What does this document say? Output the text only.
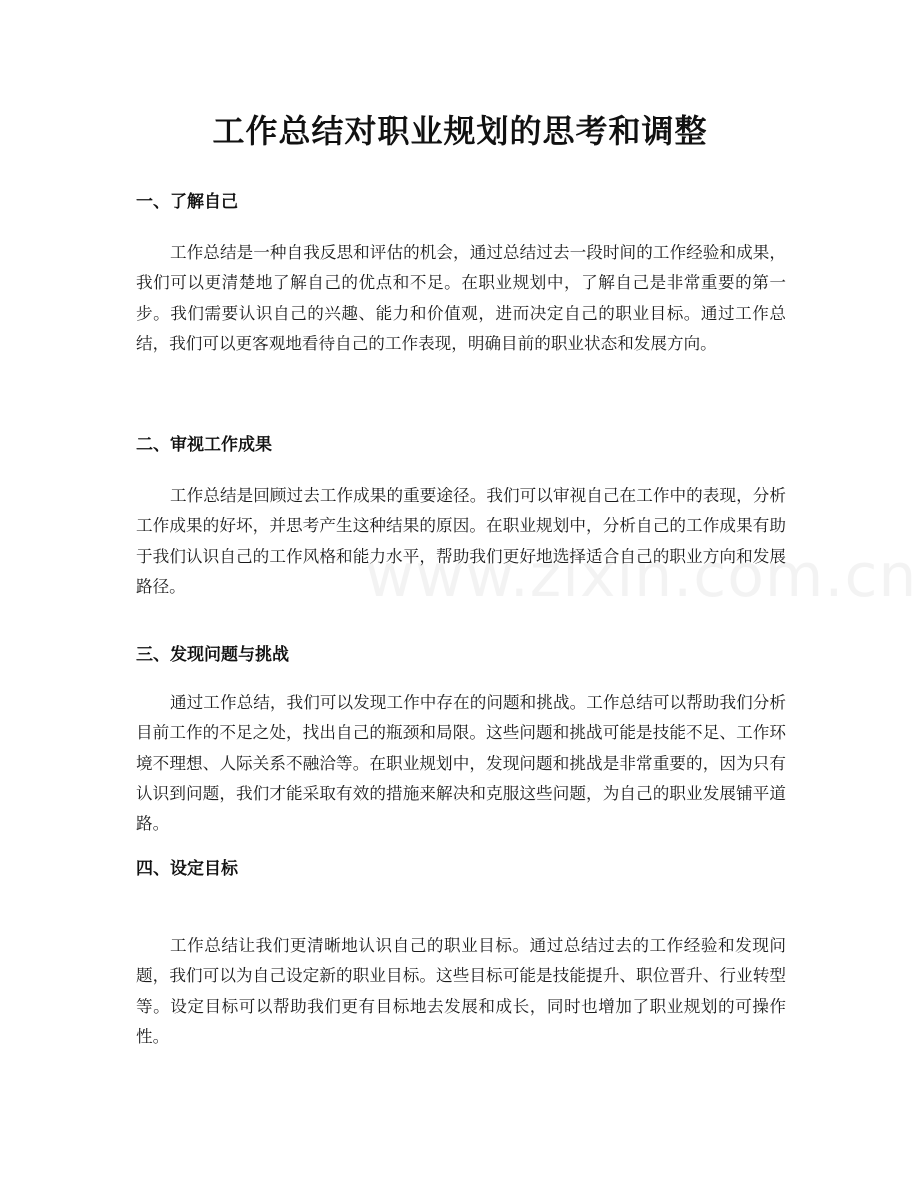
工作总结对职业规划的思考和调整
一、了解自己

工作总结是一种自我反思和评估的机会，通过总结过去一段时间的工作经验和成果，我们可以更清楚地了解自己的优点和不足。在职业规划中，了解自己是非常重要的第一步。我们需要认识自己的兴趣、能力和价值观，进而决定自己的职业目标。通过工作总结，我们可以更客观地看待自己的工作表现，明确目前的职业状态和发展方向。

二、审视工作成果

工作总结是回顾过去工作成果的重要途径。我们可以审视自己在工作中的表现，分析工作成果的好坏，并思考产生这种结果的原因。在职业规划中，分析自己的工作成果有助于我们认识自己的工作风格和能力水平，帮助我们更好地选择适合自己的职业方向和发展路径。

三、发现问题与挑战

通过工作总结，我们可以发现工作中存在的问题和挑战。工作总结可以帮助我们分析目前工作的不足之处，找出自己的瓶颈和局限。这些问题和挑战可能是技能不足、工作环境不理想、人际关系不融洽等。在职业规划中，发现问题和挑战是非常重要的，因为只有认识到问题，我们才能采取有效的措施来解决和克服这些问题，为自己的职业发展铺平道路。

四、设定目标

工作总结让我们更清晰地认识自己的职业目标。通过总结过去的工作经验和发现问题，我们可以为自己设定新的职业目标。这些目标可能是技能提升、职位晋升、行业转型等。设定目标可以帮助我们更有目标地去发展和成长，同时也增加了职业规划的可操作性。
